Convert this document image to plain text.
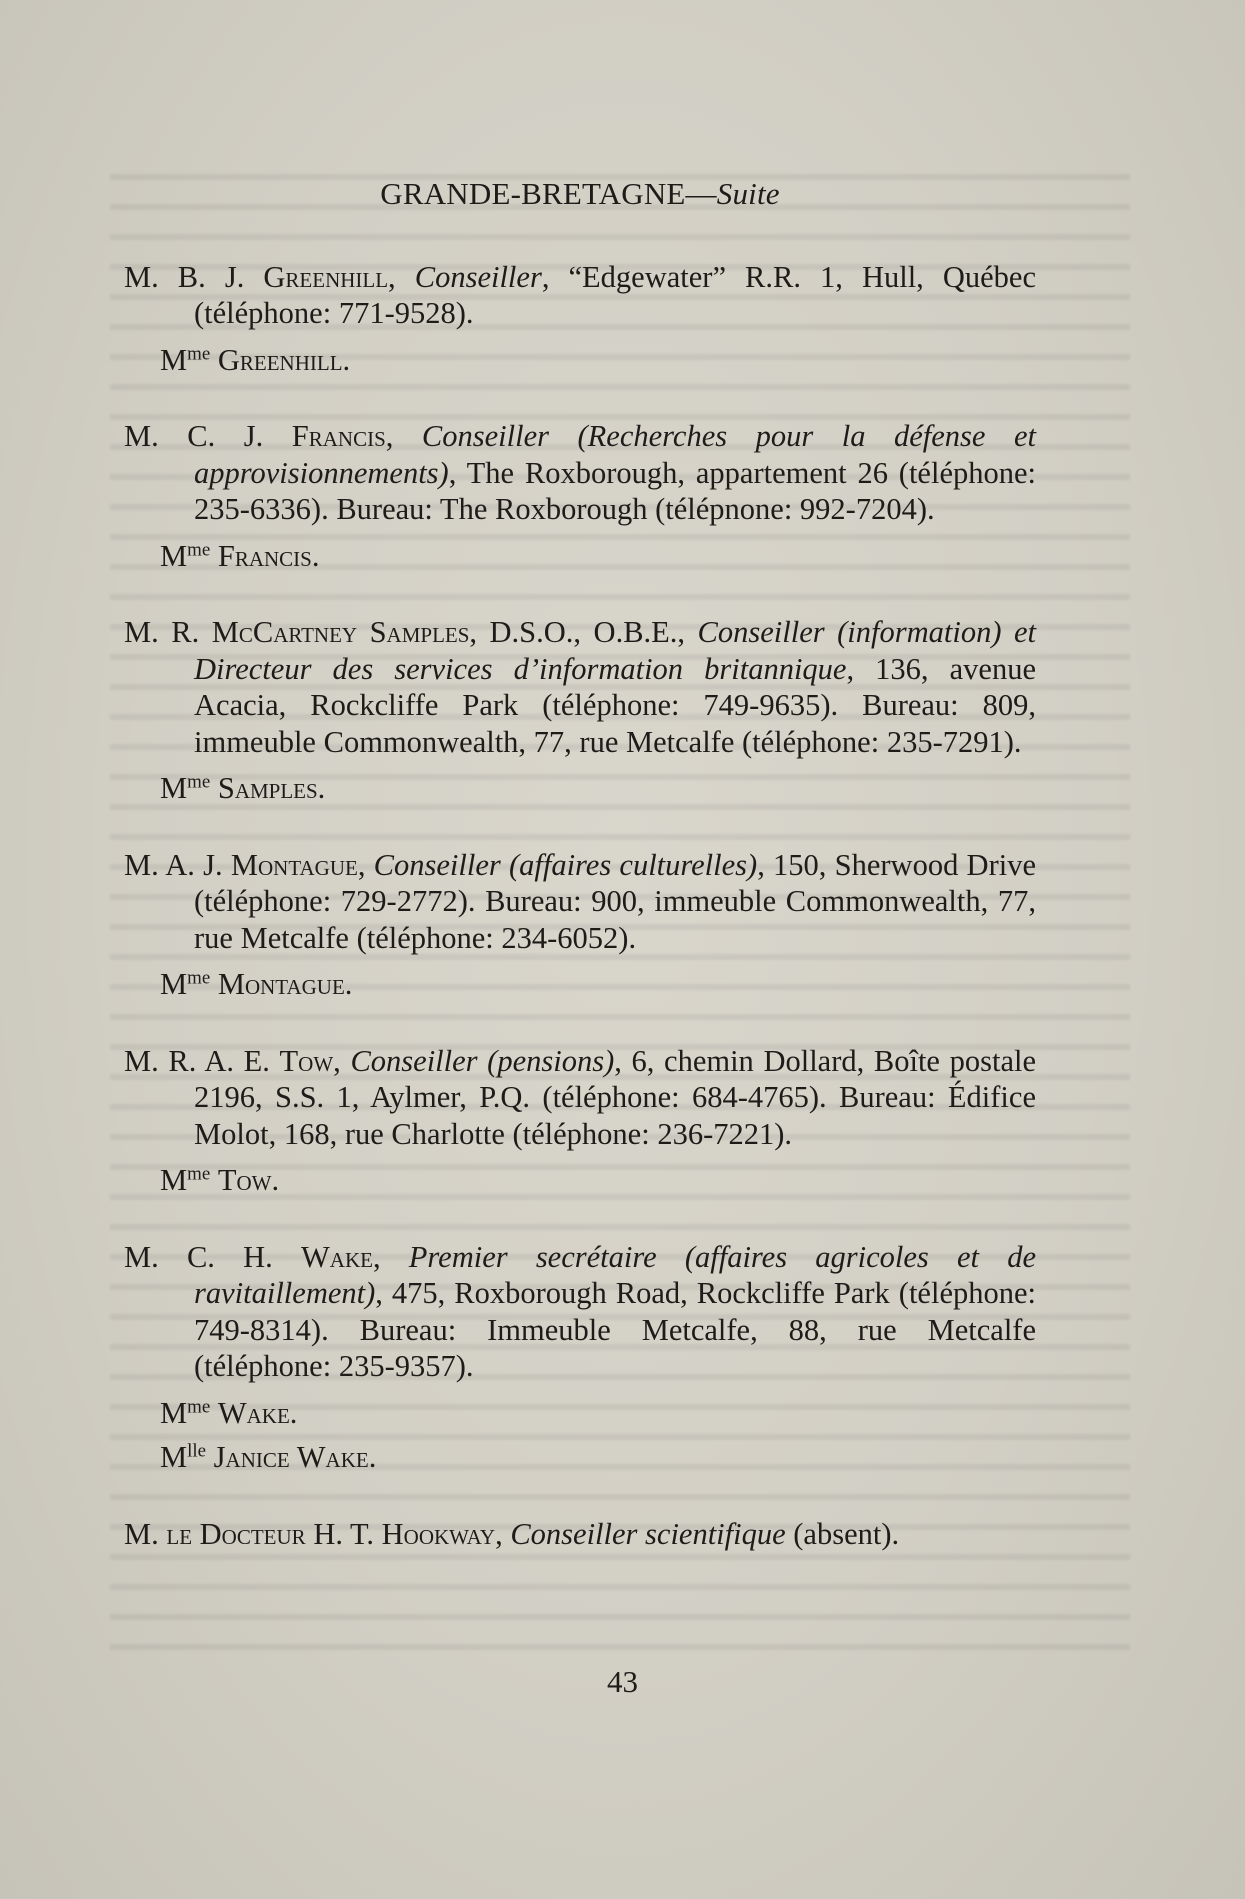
GRANDE-BRETAGNE—Suite

M. B. J. Greenhill, Conseiller, “Edgewater” R.R. 1, Hull, Québec (téléphone: 771-9528).

$M^{me}$ Greenhill.

M. C. J. Francis, Conseiller (Recherches pour la défense et approvisionnements), The Roxborough, appartement 26 (téléphone: 235-6336). Bureau: The Roxborough (télépnone: 992-7204).

$M^{me}$ Francis.

M. R. McCartney Samples, D.S.O., O.B.E., Conseiller (information) et Directeur des services d’information britannique, 136, avenue Acacia, Rockcliffe Park (téléphone: 749-9635). Bureau: 809, immeuble Commonwealth, 77, rue Metcalfe (téléphone: 235-7291).

$M^{me}$ Samples.

M. A. J. Montague, Conseiller (affaires culturelles), 150, Sherwood Drive (téléphone: 729-2772). Bureau: 900, immeuble Commonwealth, 77, rue Metcalfe (téléphone: 234-6052).

$M^{me}$ Montague.

M. R. A. E. Tow, Conseiller (pensions), 6, chemin Dollard, Boîte postale 2196, S.S. 1, Aylmer, P.Q. (téléphone: 684-4765). Bureau: Édifice Molot, 168, rue Charlotte (téléphone: 236-7221).

$M^{me}$ Tow.

M. C. H. Wake, Premier secrétaire (affaires agricoles et de ravitaillement), 475, Roxborough Road, Rockcliffe Park (téléphone: 749-8314). Bureau: Immeuble Metcalfe, 88, rue Metcalfe (téléphone: 235-9357).

$M^{me}$ Wake.

$M^{lle}$ Janice Wake.

M. le Docteur H. T. Hookway, Conseiller scientifique (absent).

43
